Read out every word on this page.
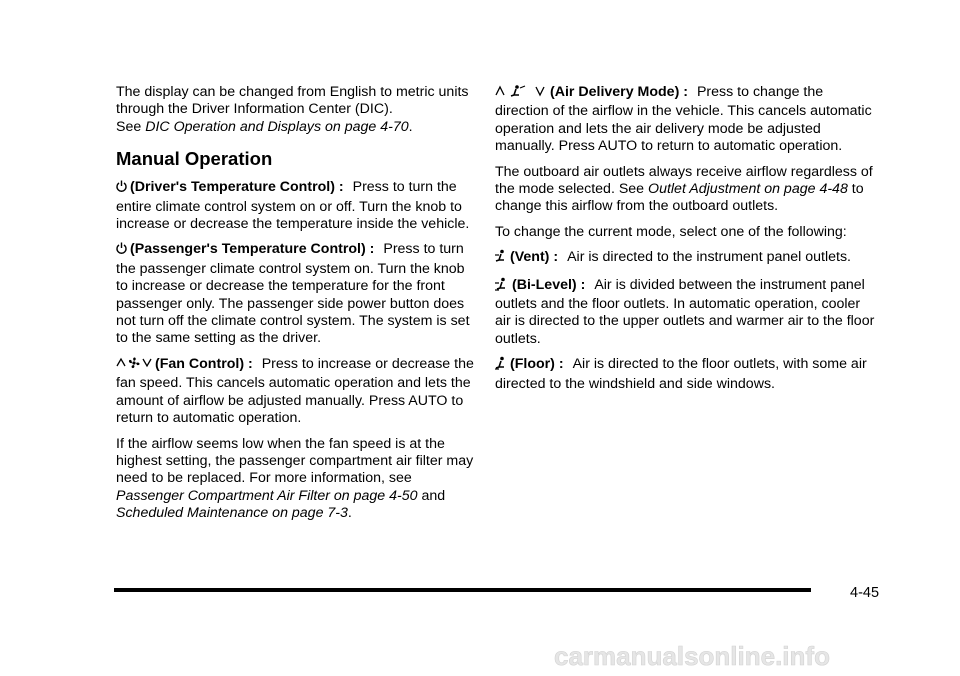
The display can be changed from English to metric units through the Driver Information Center (DIC).
See DIC Operation and Displays on page 4-70.

Manual Operation

(Driver's Temperature Control) : Press to turn the entire climate control system on or off. Turn the knob to increase or decrease the temperature inside the vehicle.

(Passenger's Temperature Control) : Press to turn the passenger climate control system on. Turn the knob to increase or decrease the temperature for the front passenger only. The passenger side power button does not turn off the climate control system. The system is set to the same setting as the driver.

(Fan Control) : Press to increase or decrease the fan speed. This cancels automatic operation and lets the amount of airflow be adjusted manually. Press AUTO to return to automatic operation.

If the airflow seems low when the fan speed is at the highest setting, the passenger compartment air filter may need to be replaced. For more information, see
Passenger Compartment Air Filter on page 4-50 and
Scheduled Maintenance on page 7-3.

(Air Delivery Mode) : Press to change the direction of the airflow in the vehicle. This cancels automatic operation and lets the air delivery mode be adjusted manually. Press AUTO to return to automatic operation.

The outboard air outlets always receive airflow regardless of the mode selected. See Outlet Adjustment on page 4-48 to change this airflow from the outboard outlets.

To change the current mode, select one of the following:

(Vent) : Air is directed to the instrument panel outlets.

(Bi-Level) : Air is divided between the instrument panel outlets and the floor outlets. In automatic operation, cooler air is directed to the upper outlets and warmer air to the floor outlets.

(Floor) : Air is directed to the floor outlets, with some air directed to the windshield and side windows.

4-45
carmanualsonline.info
